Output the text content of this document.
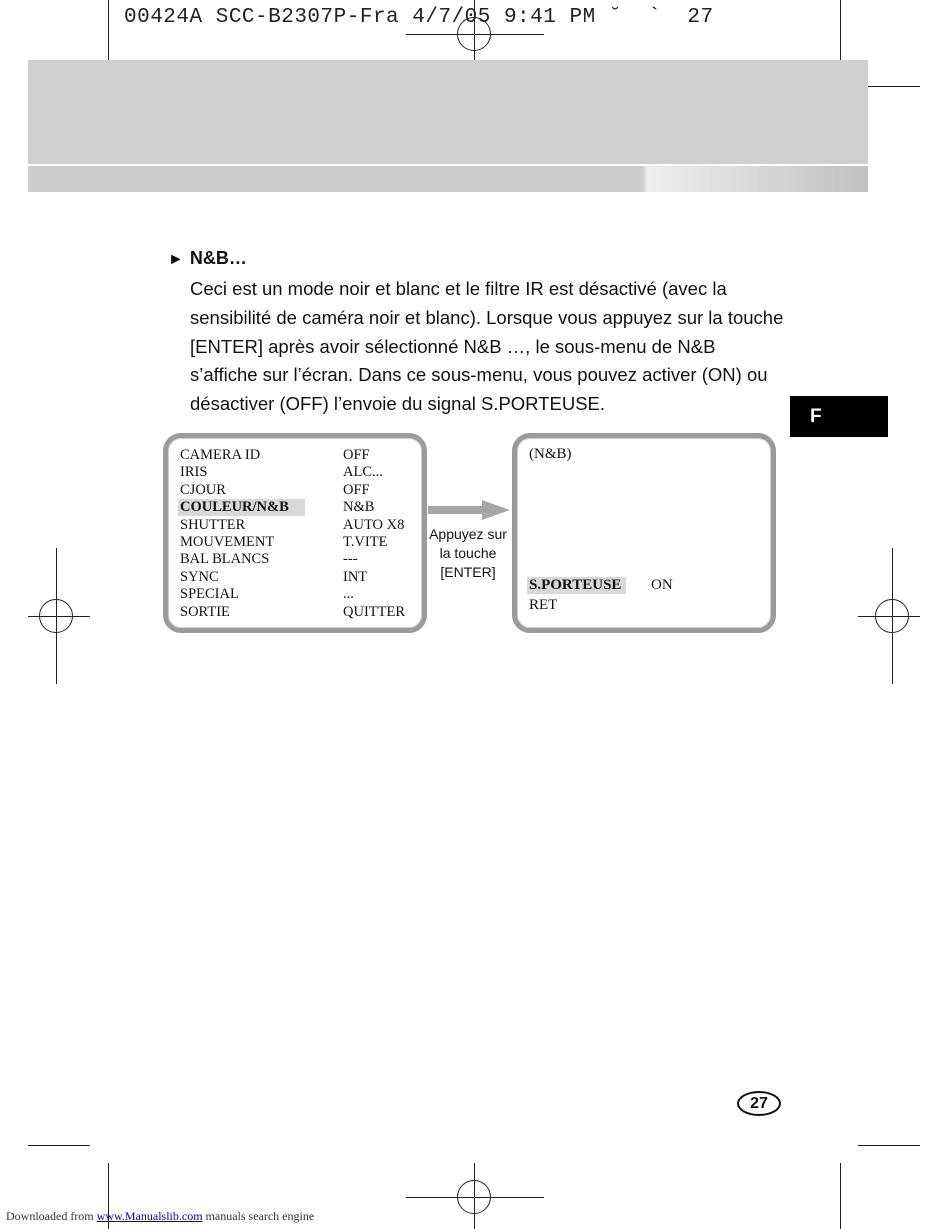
00424A SCC-B2307P-Fra 4/7/05 9:41 PM ˘  `  27
► N&B…
Ceci est un mode noir et blanc et le filtre IR est désactivé (avec la
sensibilité de caméra noir et blanc). Lorsque vous appuyez sur la touche
[ENTER] après avoir sélectionné N&B …, le sous-menu de N&B
s’affiche sur l’écran. Dans ce sous-menu, vous pouvez activer (ON) ou
désactiver (OFF) l’envoie du signal S.PORTEUSE.
F
CAMERA ID	OFF
IRIS	ALC...
CJOUR	OFF
COULEUR/N&B	N&B
SHUTTER	AUTO X8
MOUVEMENT	T.VITE
BAL BLANCS	---
SYNC	INT
SPECIAL	...
SORTIE	QUITTER
Appuyez sur
la touche
[ENTER]
(N&B)
S.PORTEUSE	ON
RET
27
Downloaded from www.Manualslib.com manuals search engine
